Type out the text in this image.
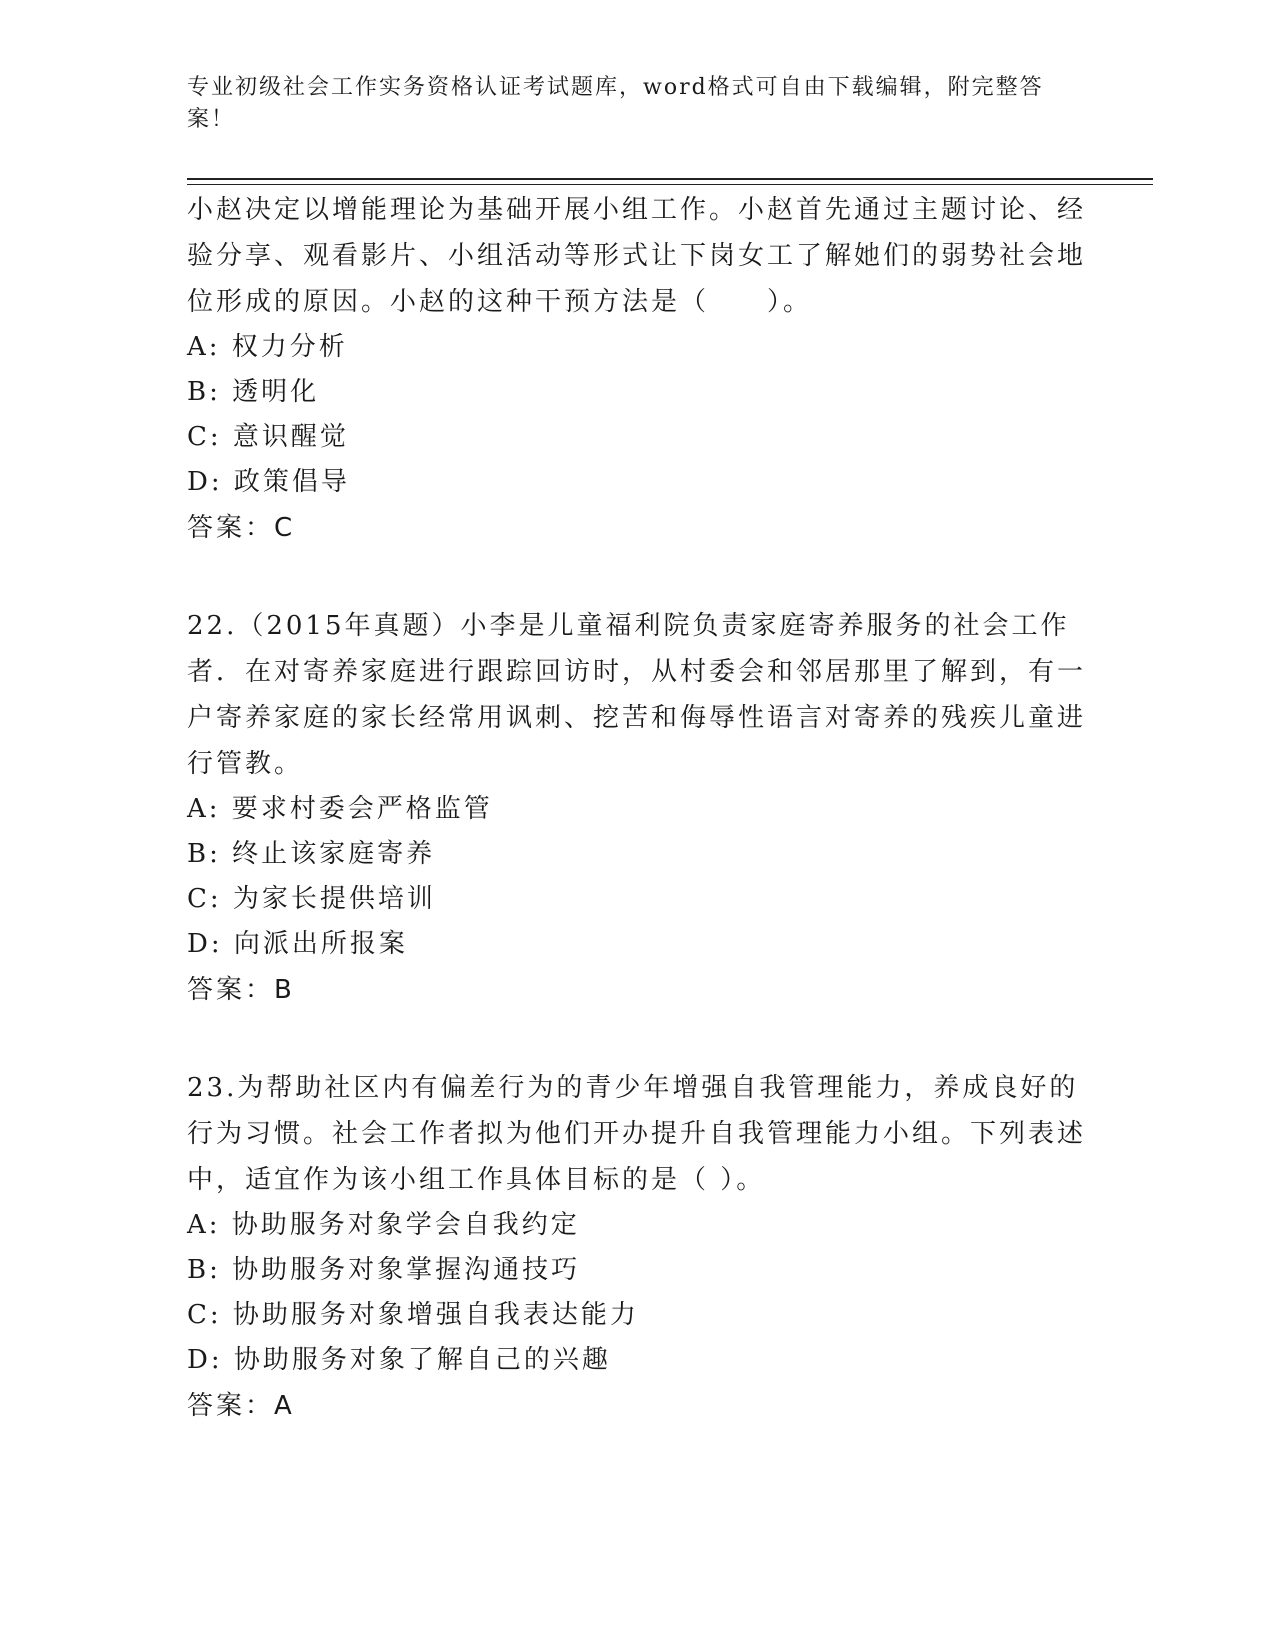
专业初级社会工作实务资格认证考试题库，word格式可自由下载编辑，附完整答案！

小赵决定以增能理论为基础开展小组工作。小赵首先通过主题讨论、经验分享、观看影片、小组活动等形式让下岗女工了解她们的弱势社会地位形成的原因。小赵的这种干预方法是（　　）。

A: 权力分析

B: 透明化

C: 意识醒觉

D: 政策倡导

答案：C

22.（2015年真题）小李是儿童福利院负责家庭寄养服务的社会工作者．在对寄养家庭进行跟踪回访时，从村委会和邻居那里了解到，有一户寄养家庭的家长经常用讽刺、挖苦和侮辱性语言对寄养的残疾儿童进行管教。

A: 要求村委会严格监管

B: 终止该家庭寄养

C: 为家长提供培训

D: 向派出所报案

答案：B

23.为帮助社区内有偏差行为的青少年增强自我管理能力，养成良好的行为习惯。社会工作者拟为他们开办提升自我管理能力小组。下列表述中，适宜作为该小组工作具体目标的是（ ）。

A: 协助服务对象学会自我约定

B: 协助服务对象掌握沟通技巧

C: 协助服务对象增强自我表达能力

D: 协助服务对象了解自己的兴趣

答案：A
